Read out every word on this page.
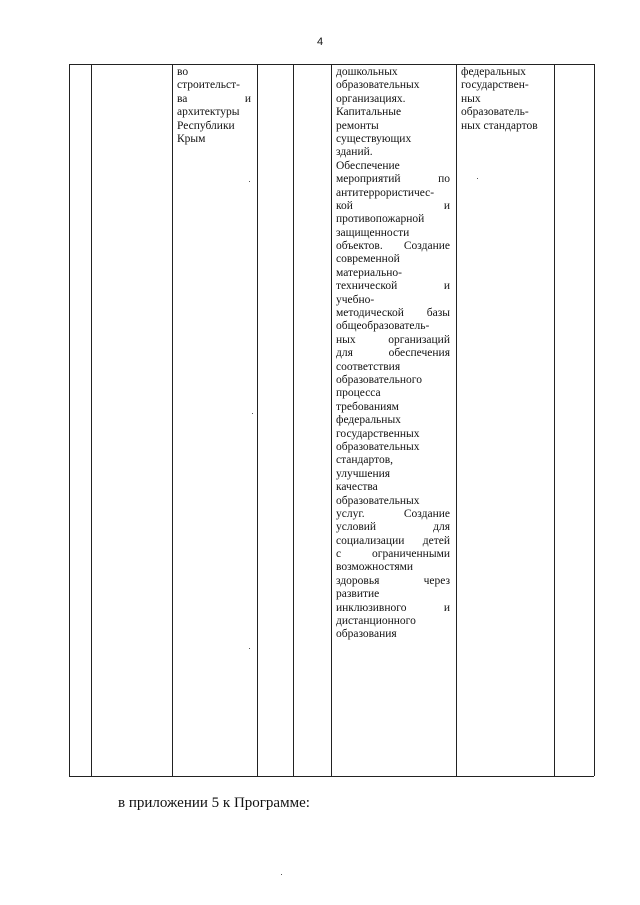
4
во
строительст-
ва и
архитектуры
Республики
Крым
дошкольных
образовательных
организациях.
Капитальные
ремонты
существующих
зданий.
Обеспечение
мероприятий по
антитеррористичес-
кой и
противопожарной
защищенности
объектов. Создание
современной
материально-
технической и
учебно-
методической базы
общеобразователь-
ных организаций
для обеспечения
соответствия
образовательного
процесса
требованиям
федеральных
государственных
образовательных
стандартов,
улучшения
качества
образовательных
услуг. Создание
условий для
социализации детей
с ограниченными
возможностями
здоровья через
развитие
инклюзивного и
дистанционного
образования
федеральных
государствен-
ных
образователь-
ных стандартов
в приложении 5 к Программе:
